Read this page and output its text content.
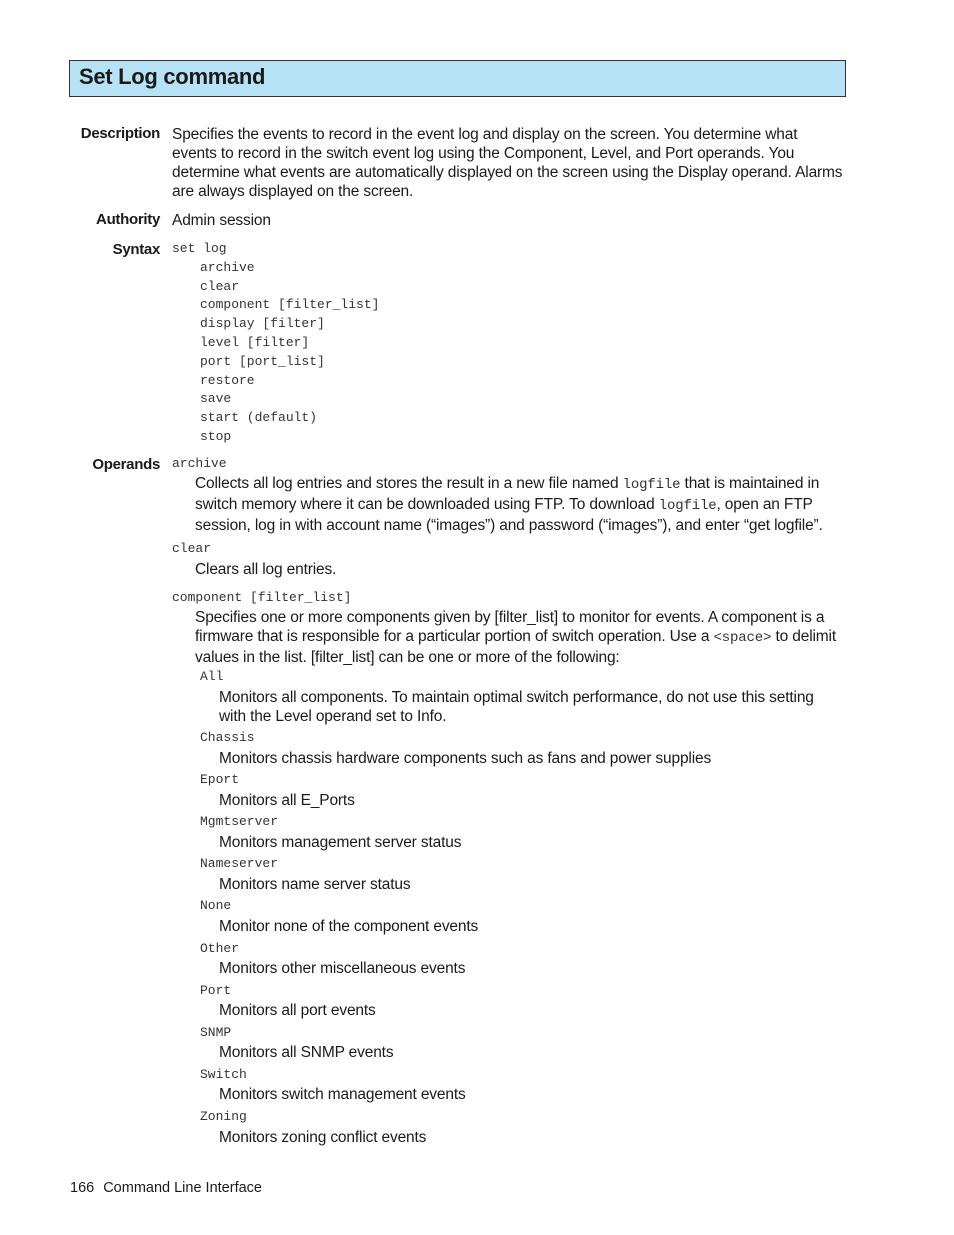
Set Log command
Description Specifies the events to record in the event log and display on the screen. You determine what events to record in the switch event log using the Component, Level, and Port operands. You determine what events are automatically displayed on the screen using the Display operand. Alarms are always displayed on the screen.
Authority Admin session
Syntax set log
archive
clear
component [filter_list]
display [filter]
level [filter]
port [port_list]
restore
save
start (default)
stop
Operands archive
Collects all log entries and stores the result in a new file named logfile that is maintained in switch memory where it can be downloaded using FTP. To download logfile, open an FTP session, log in with account name (“images”) and password (“images”), and enter “get logfile”.
clear
Clears all log entries.
component [filter_list]
Specifies one or more components given by [filter_list] to monitor for events. A component is a firmware that is responsible for a particular portion of switch operation. Use a <space> to delimit values in the list. [filter_list] can be one or more of the following:
All
Monitors all components. To maintain optimal switch performance, do not use this setting with the Level operand set to Info.
Chassis
Monitors chassis hardware components such as fans and power supplies
Eport
Monitors all E_Ports
Mgmtserver
Monitors management server status
Nameserver
Monitors name server status
None
Monitor none of the component events
Other
Monitors other miscellaneous events
Port
Monitors all port events
SNMP
Monitors all SNMP events
Switch
Monitors switch management events
Zoning
Monitors zoning conflict events
166 Command Line Interface
